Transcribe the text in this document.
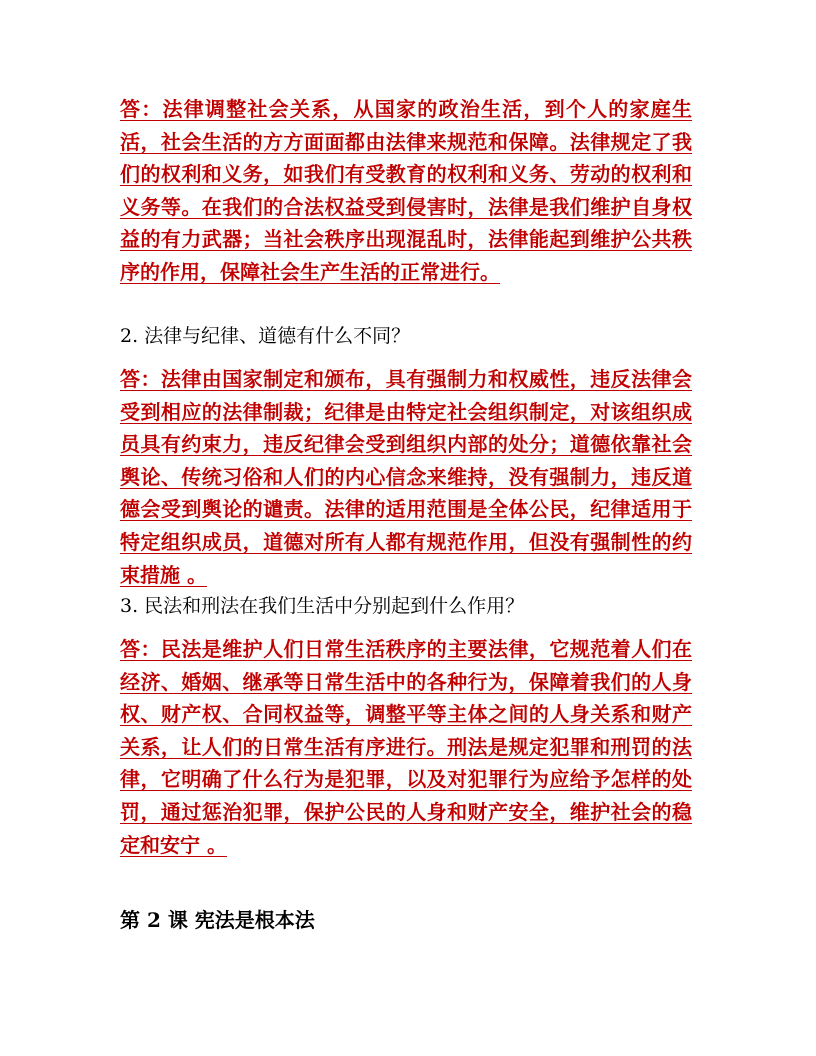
答：法律调整社会关系，从国家的政治生活，到个人的家庭生活，社会生活的方方面面都由法律来规范和保障。法律规定了我们的权利和义务，如我们有受教育的权利和义务、劳动的权利和义务等。在我们的合法权益受到侵害时，法律是我们维护自身权益的有力武器；当社会秩序出现混乱时，法律能起到维护公共秩序的作用，保障社会生产生活的正常进行。

2. 法律与纪律、道德有什么不同？

答：法律由国家制定和颁布，具有强制力和权威性，违反法律会受到相应的法律制裁；纪律是由特定社会组织制定，对该组织成员具有约束力，违反纪律会受到组织内部的处分；道德依靠社会舆论、传统习俗和人们的内心信念来维持，没有强制力，违反道德会受到舆论的谴责。法律的适用范围是全体公民，纪律适用于特定组织成员，道德对所有人都有规范作用，但没有强制性的约束措施 。

3. 民法和刑法在我们生活中分别起到什么作用？

答：民法是维护人们日常生活秩序的主要法律，它规范着人们在经济、婚姻、继承等日常生活中的各种行为，保障着我们的人身权、财产权、合同权益等，调整平等主体之间的人身关系和财产关系，让人们的日常生活有序进行。刑法是规定犯罪和刑罚的法律，它明确了什么行为是犯罪，以及对犯罪行为应给予怎样的处罚，通过惩治犯罪，保护公民的人身和财产安全，维护社会的稳定和安宁 。

第 2 课 宪法是根本法
